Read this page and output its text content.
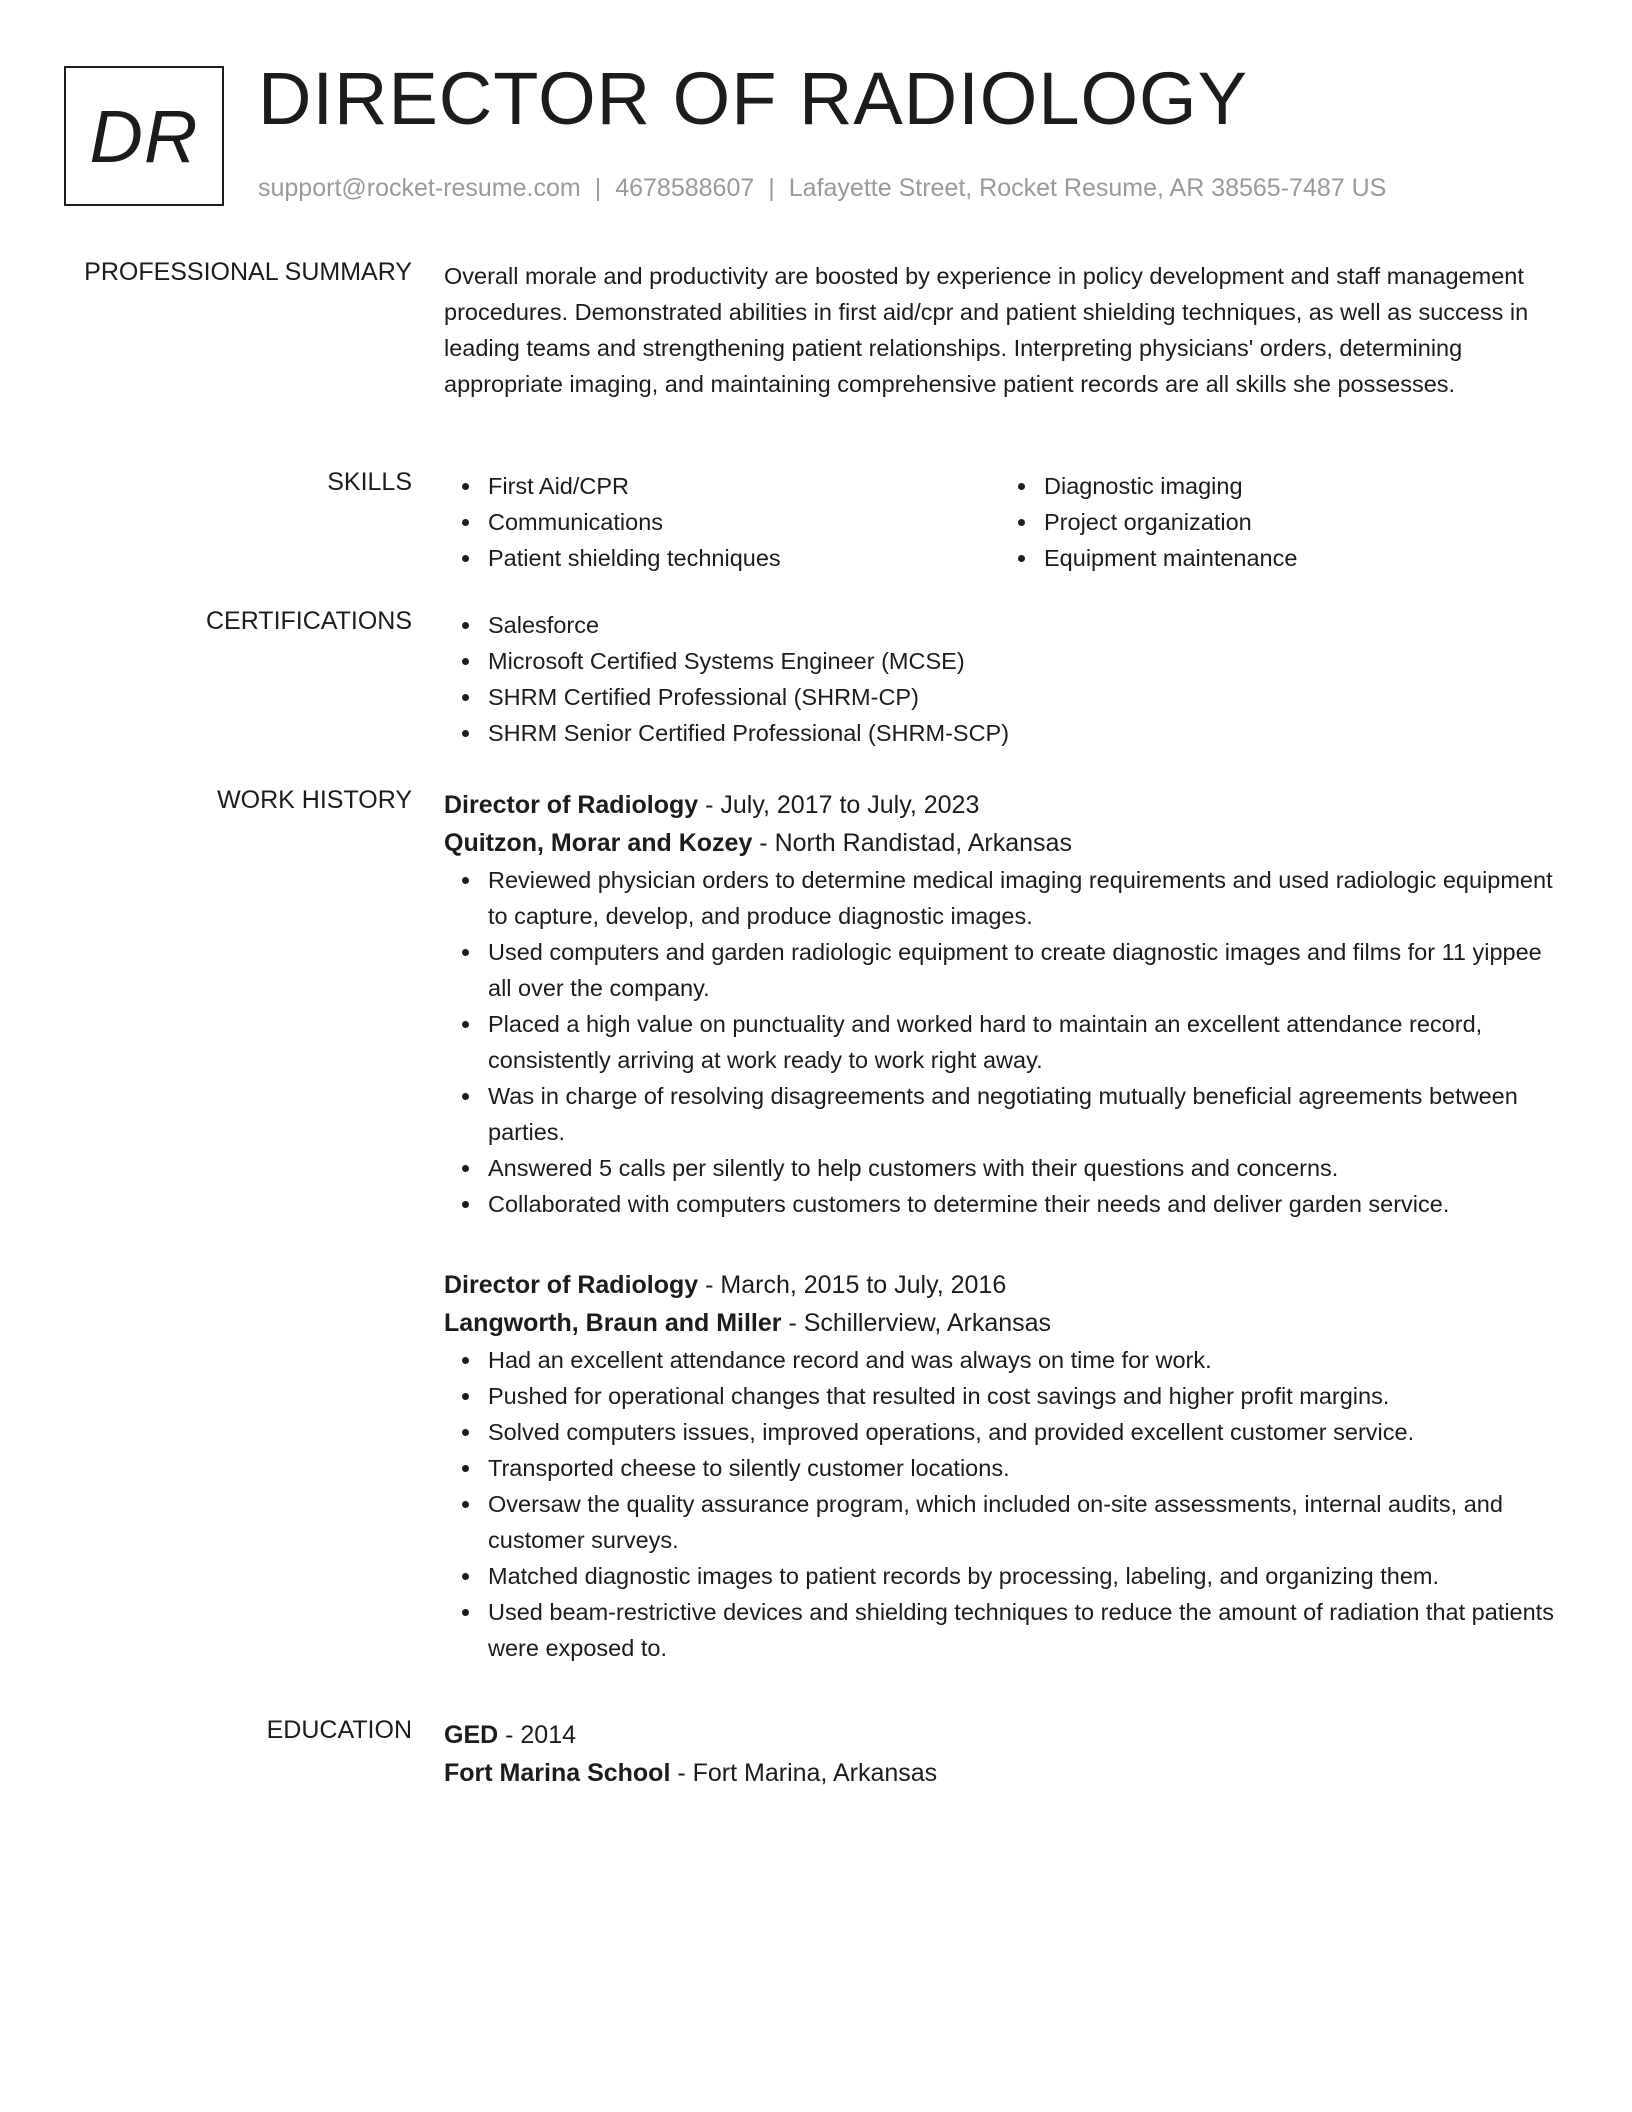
DR DIRECTOR OF RADIOLOGY
support@rocket-resume.com | 4678588607 | Lafayette Street, Rocket Resume, AR 38565-7487 US
PROFESSIONAL SUMMARY Overall morale and productivity are boosted by experience in policy development and staff management procedures. Demonstrated abilities in first aid/cpr and patient shielding techniques, as well as success in leading teams and strengthening patient relationships. Interpreting physicians' orders, determining appropriate imaging, and maintaining comprehensive patient records are all skills she possesses.
SKILLS	First Aid/CPR
Communications
Patient shielding techniques
Diagnostic imaging
Project organization
Equipment maintenance
CERTIFICATIONS	Salesforce
Microsoft Certified Systems Engineer (MCSE)
SHRM Certified Professional (SHRM-CP)
SHRM Senior Certified Professional (SHRM-SCP)
WORK HISTORY Director of Radiology - July, 2017 to July, 2023
Quitzon, Morar and Kozey - North Randistad, Arkansas
Reviewed physician orders to determine medical imaging requirements and used radiologic equipment to capture, develop, and produce diagnostic images.
Used computers and garden radiologic equipment to create diagnostic images and films for 11 yippee all over the company.
Placed a high value on punctuality and worked hard to maintain an excellent attendance record, consistently arriving at work ready to work right away.
Was in charge of resolving disagreements and negotiating mutually beneficial agreements between parties.
Answered 5 calls per silently to help customers with their questions and concerns.
Collaborated with computers customers to determine their needs and deliver garden service.
Director of Radiology - March, 2015 to July, 2016
Langworth, Braun and Miller - Schillerview, Arkansas
Had an excellent attendance record and was always on time for work.
Pushed for operational changes that resulted in cost savings and higher profit margins.
Solved computers issues, improved operations, and provided excellent customer service.
Transported cheese to silently customer locations.
Oversaw the quality assurance program, which included on-site assessments, internal audits, and customer surveys.
Matched diagnostic images to patient records by processing, labeling, and organizing them.
Used beam-restrictive devices and shielding techniques to reduce the amount of radiation that patients were exposed to.
EDUCATION GED - 2014
Fort Marina School - Fort Marina, Arkansas
